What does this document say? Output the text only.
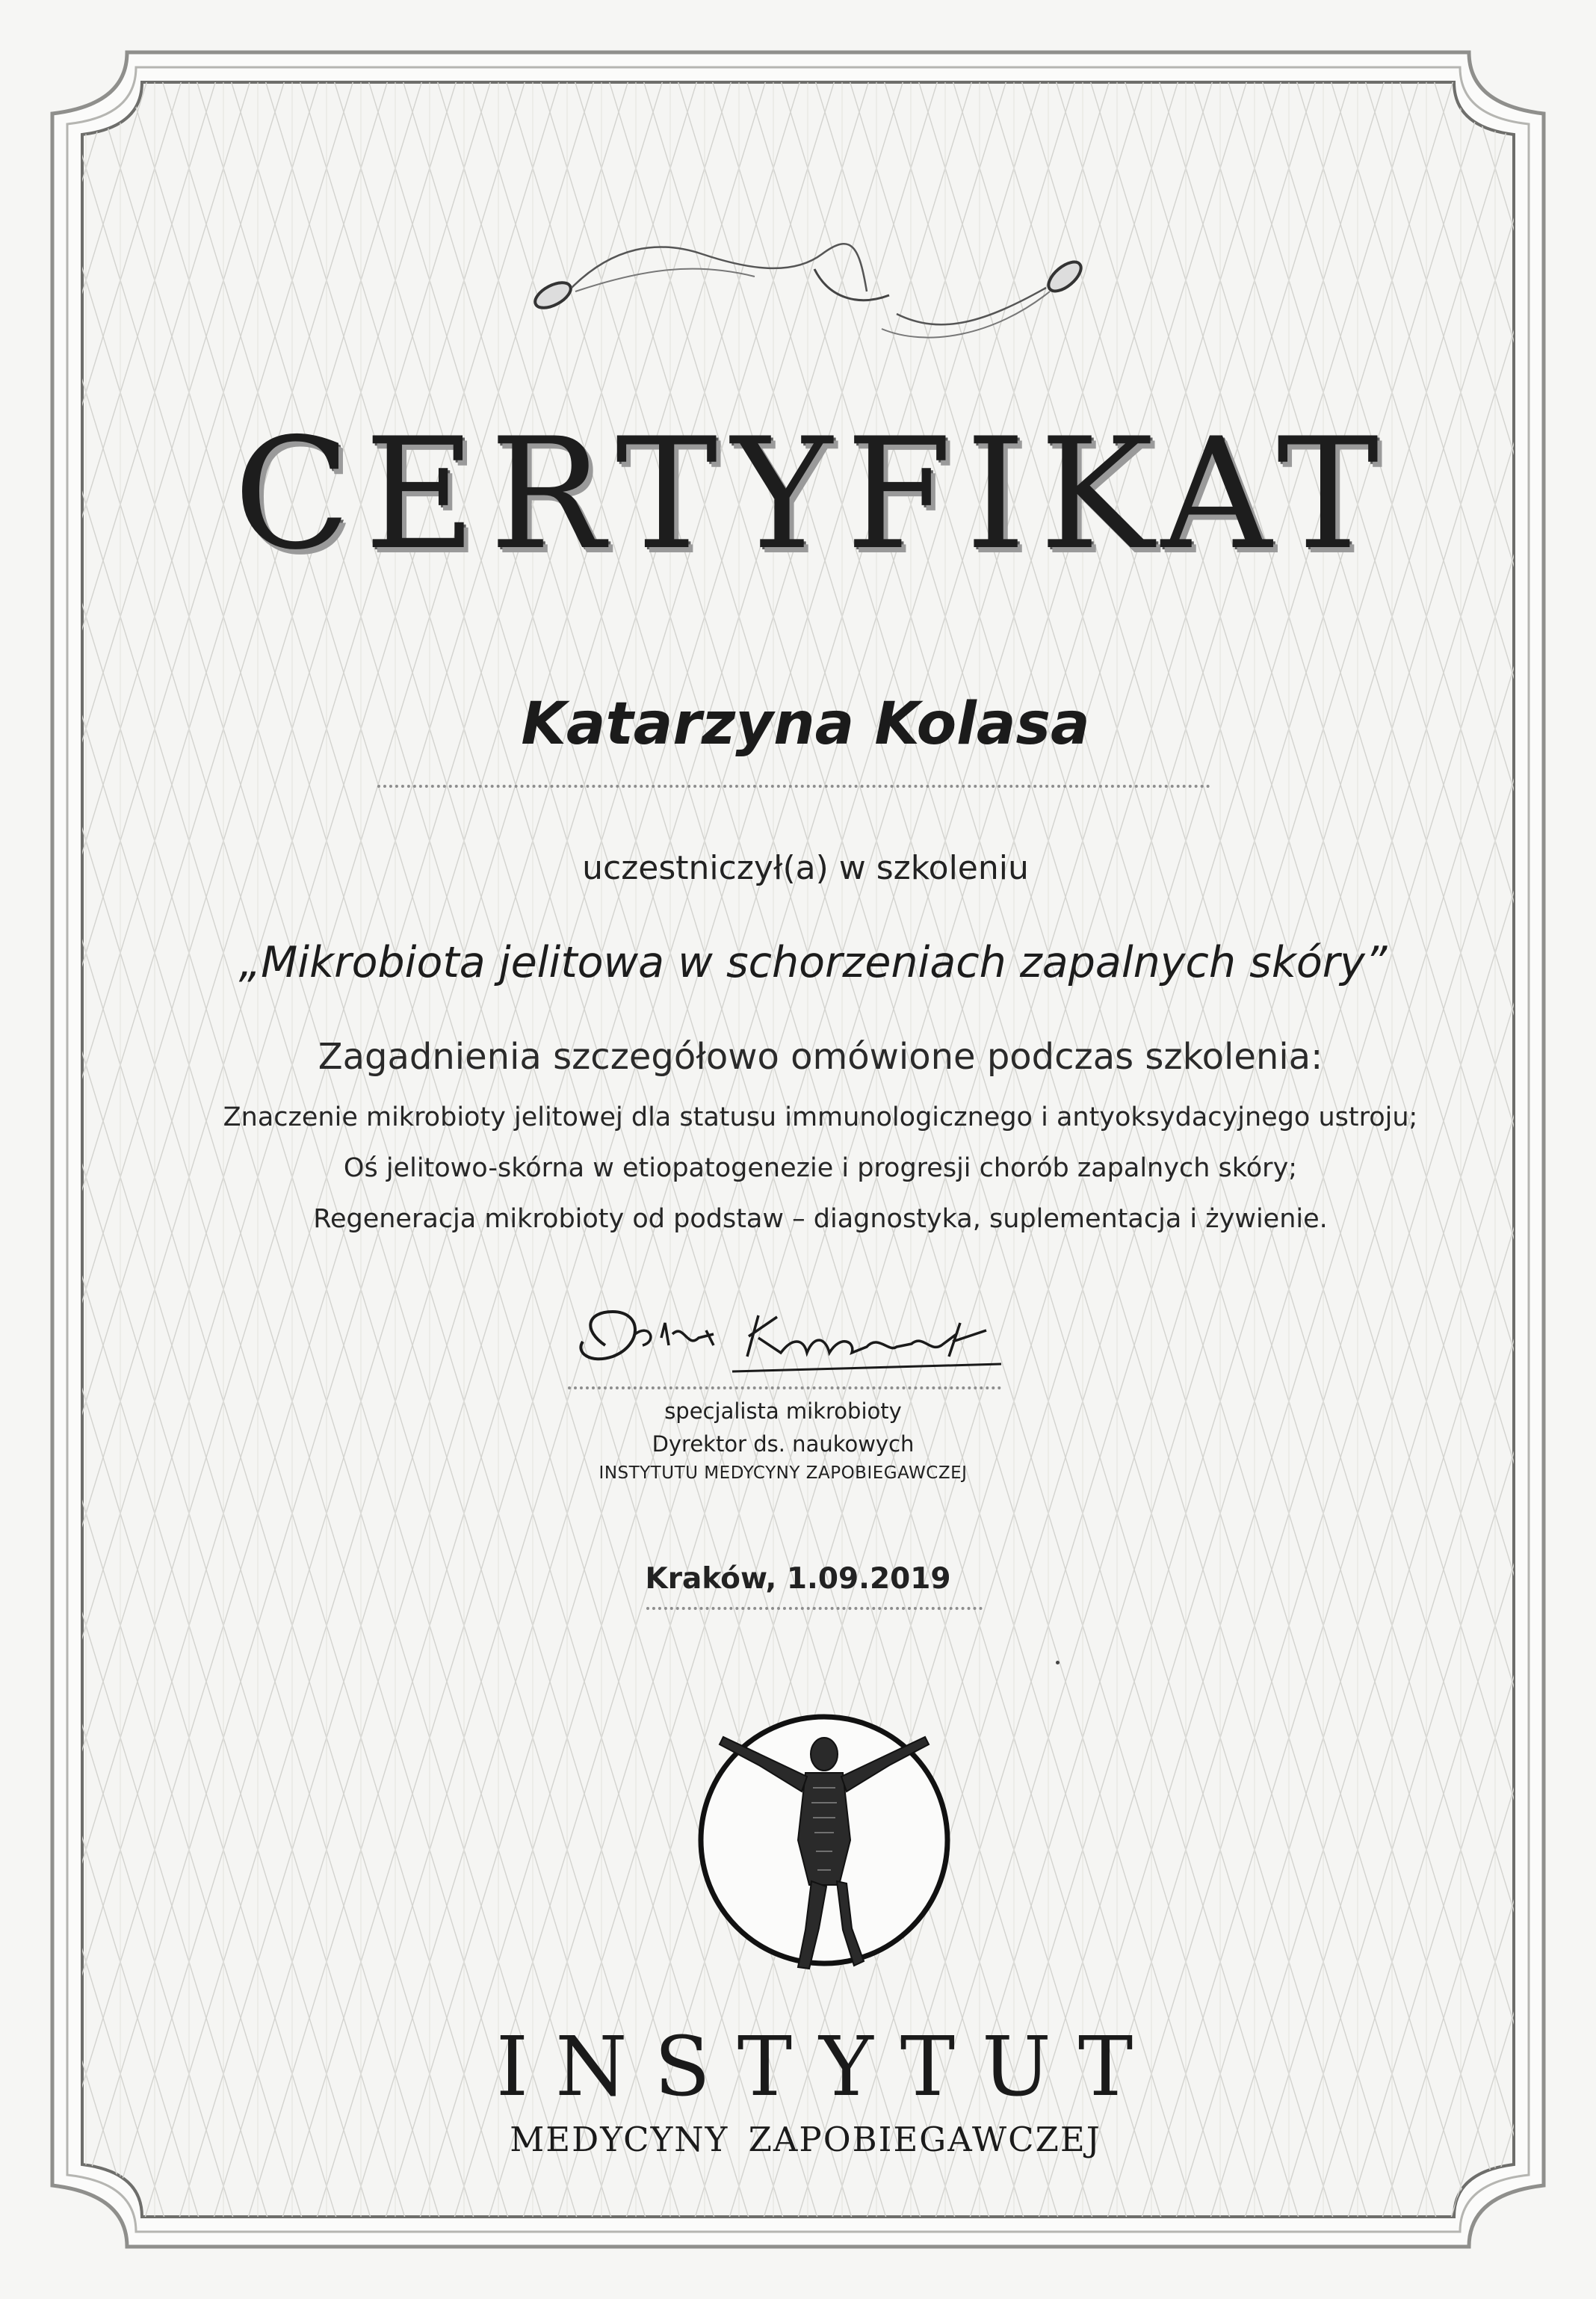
CERTYFIKAT
Katarzyna Kolasa
uczestniczył(a) w szkoleniu
„Mikrobiota jelitowa w schorzeniach zapalnych skóry”
Zagadnienia szczegółowo omówione podczas szkolenia:
Znaczenie mikrobioty jelitowej dla statusu immunologicznego i antyoksydacyjnego ustroju;
Oś jelitowo-skórna w etiopatogenezie i progresji chorób zapalnych skóry;
Regeneracja mikrobioty od podstaw – diagnostyka, suplementacja i żywienie.
specjalista mikrobioty
Dyrektor ds. naukowych
INSTYTUTU MEDYCYNY ZAPOBIEGAWCZEJ
Kraków, 1.09.2019
INSTYTUT
MEDYCYNY ZAPOBIEGAWCZEJ
